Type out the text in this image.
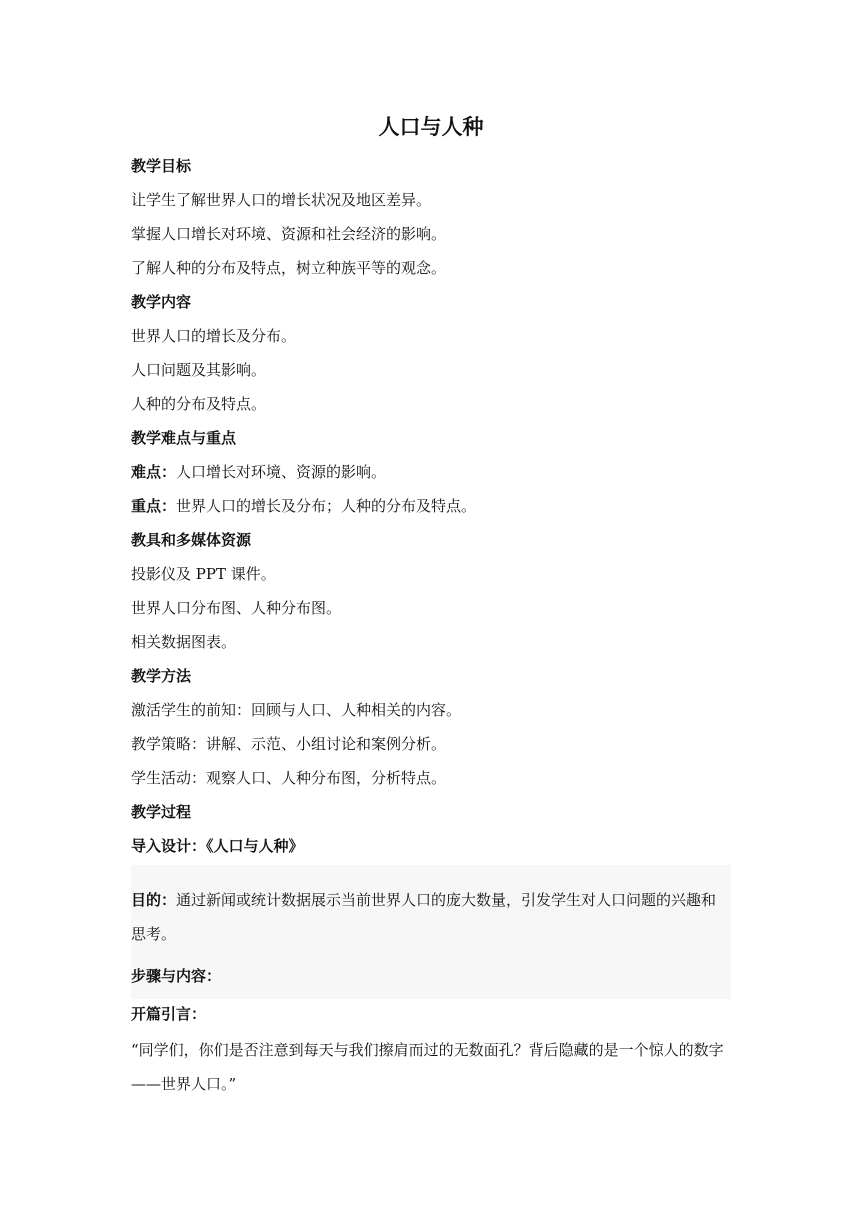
人口与人种
教学目标
让学生了解世界人口的增长状况及地区差异。
掌握人口增长对环境、资源和社会经济的影响。
了解人种的分布及特点，树立种族平等的观念。
教学内容
世界人口的增长及分布。
人口问题及其影响。
人种的分布及特点。
教学难点与重点
难点：人口增长对环境、资源的影响。
重点：世界人口的增长及分布；人种的分布及特点。
教具和多媒体资源
投影仪及 PPT 课件。
世界人口分布图、人种分布图。
相关数据图表。
教学方法
激活学生的前知：回顾与人口、人种相关的内容。
教学策略：讲解、示范、小组讨论和案例分析。
学生活动：观察人口、人种分布图，分析特点。
教学过程
导入设计：《人口与人种》

目的：通过新闻或统计数据展示当前世界人口的庞大数量，引发学生对人口问题的兴趣和思考。

步骤与内容：
开篇引言：

“同学们，你们是否注意到每天与我们擦肩而过的无数面孔？背后隐藏的是一个惊人的数字——世界人口。”
